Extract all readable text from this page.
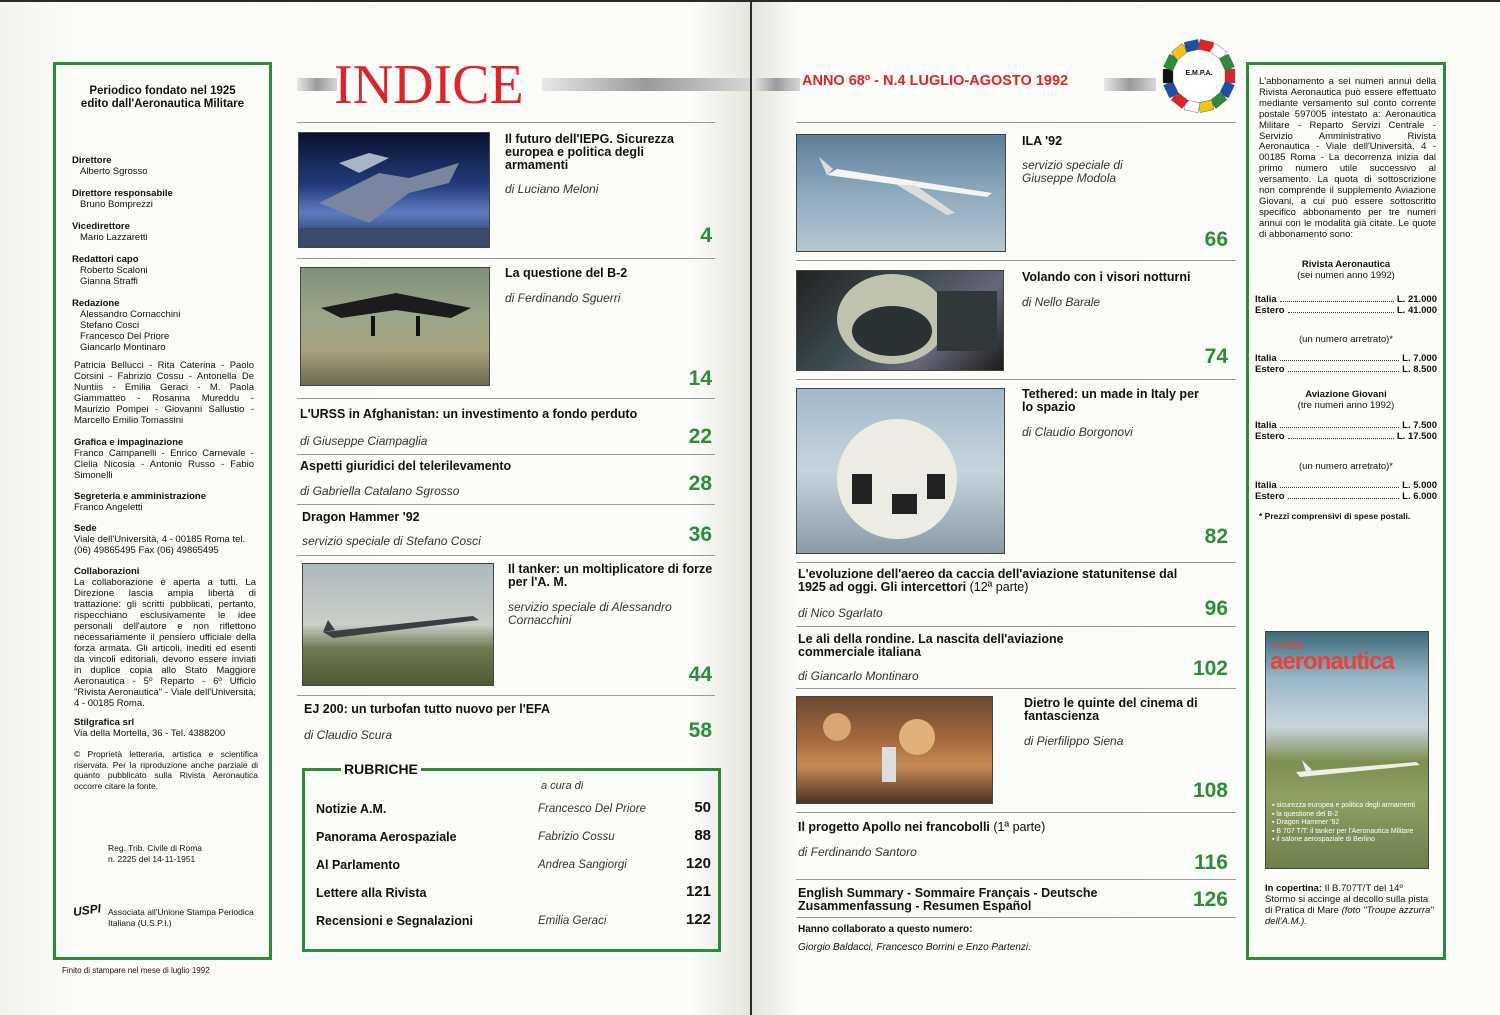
Periodico fondato nel 1925
edito dall'Aeronautica Militare
Direttore
Alberto Sgrosso
Direttore responsabile
Bruno Bomprezzi
Vicedirettore
Mario Lazzaretti
Redattori capo
Roberto Scaloni
Gianna Straffi
Redazione
Alessandro Cornacchini
Stefano Cosci
Francesco Del Priore
Giancarlo Montinaro
Patricia Bellucci - Rita Caterina - Paolo Corsini - Fabrizio Cossu - Antonella De Nuntiis - Emilia Geraci - M. Paola Giammatteo - Rosanna Mureddu - Maurizio Pompei - Giovanni Sallustio - Marcello Emilio Tomassini
Grafica e impaginazione
Franco Campanelli - Enrico Carnevale - Clelia Nicosia - Antonio Russo - Fabio Simonelli
Segreteria e amministrazione
Franco Angeletti
Sede
Viale dell'Università, 4 - 00185 Roma tel. (06) 49865495 Fax (06) 49865495
Collaborazioni
La collaborazione è aperta a tutti. La Direzione lascia ampia libertà di trattazione: gli scritti pubblicati, pertanto, rispecchiano esclusivamente le idee personali dell'autore e non riflettono necessariamente il pensiero ufficiale della forza armata. Gli articoli, inediti ed esenti da vincoli editoriali, devono essere inviati in duplice copia allo Stato Maggiore Aeronautica - 5º Reparto - 6º Ufficio "Rivista Aeronautica" - Viale dell'Università, 4 - 00185 Roma.
Stilgrafica srl
Via della Mortella, 36 - Tel. 4388200
© Proprietà letteraria, artistica e scientifica riservata. Per la riproduzione anche parziale di quanto pubblicato sulla Rivista Aeronautica occorre citare la fonte.
Reg. Trib. Civile di Roma
n. 2225 del 14-11-1951
USPI Associata all'Unione Stampa Periodica Italiana (U.S.P.I.)
Finito di stampare nel mese di luglio 1992
INDICE
Il futuro dell'IEPG. Sicurezza europea e politica degli armamenti
di Luciano Meloni
4
La questione del B-2
di Ferdinando Sguerri
14
L'URSS in Afghanistan: un investimento a fondo perduto
di Giuseppe Ciampaglia	22
Aspetti giuridici del telerilevamento
di Gabriella Catalano Sgrosso	28
Dragon Hammer '92
servizio speciale di Stefano Cosci	36
Il tanker: un moltiplicatore di forze per l'A. M.
servizio speciale di Alessandro Cornacchini
44
EJ 200: un turbofan tutto nuovo per l'EFA
di Claudio Scura	58
RUBRICHE
a cura di
Notizie A.M.	Francesco Del Priore	50
Panorama Aerospaziale	Fabrizio Cossu	88
Al Parlamento	Andrea Sangiorgi	120
Lettere alla Rivista	121
Recensioni e Segnalazioni	Emilia Geraci	122
ANNO 68º - N.4 LUGLIO-AGOSTO 1992	E.M.P.A.
ILA '92
servizio speciale di Giuseppe Modola
66
Volando con i visori notturni
di Nello Barale
74
Tethered: un made in Italy per lo spazio
di Claudio Borgonovi
82
L'evoluzione dell'aereo da caccia dell'aviazione statunitense dal 1925 ad oggi. Gli intercettori (12ª parte)
di Nico Sgarlato	96
Le ali della rondine. La nascita dell'aviazione commerciale italiana
di Giancarlo Montinaro	102
Dietro le quinte del cinema di fantascienza
di Pierfilippo Siena
108
Il progetto Apollo nei francobolli (1ª parte)
di Ferdinando Santoro	116
English Summary - Sommaire Français - Deutsche Zusammenfassung - Resumen Español	126
Hanno collaborato a questo numero:
Giorgio Baldacci, Francesco Borrini e Enzo Partenzi.
L'abbonamento a sei numeri annui della Rivista Aeronautica può essere effettuato mediante versamento sul conto corrente postale 597005 intestato a: Aeronautica Militare - Reparto Servizi Centrale -Servizio Amministrativo Rivista Aeronautica - Viale dell'Università, 4 - 00185 Roma - La decorrenza inizia dal primo numero utile successivo al versamento. La quota di sottoscrizione non comprende il supplemento Aviazione Giovani, a cui può essere sottoscritto specifico abbonamento per tre numeri annui con le modalità già citate. Le quote di abbonamento sono:
Rivista Aeronautica
(sei numeri anno 1992)
Italia	L. 21.000
Estero	L. 41.000
(un numero arretrato)*
Italia	L. 7.000
Estero	L. 8.500
Aviazione Giovani
(tre numeri anno 1992)
Italia	L. 7.500
Estero	L. 17.500
(un numero arretrato)*
Italia	L. 5.000
Estero	L. 6.000
* Prezzi comprensivi di spese postali.
rivista
aeronautica
▪ sicurezza europea e politica degli armamenti
▪ la questione del B-2
▪ Dragon Hammer '92
▪ B 707 T/T: il tanker per l'Aeronautica Militare
▪ il salone aerospaziale di Berlino
In copertina: Il B.707T/T del 14º Stormo si accinge al decollo sulla pista di Pratica di Mare (foto "Troupe azzurra" dell'A.M.).
